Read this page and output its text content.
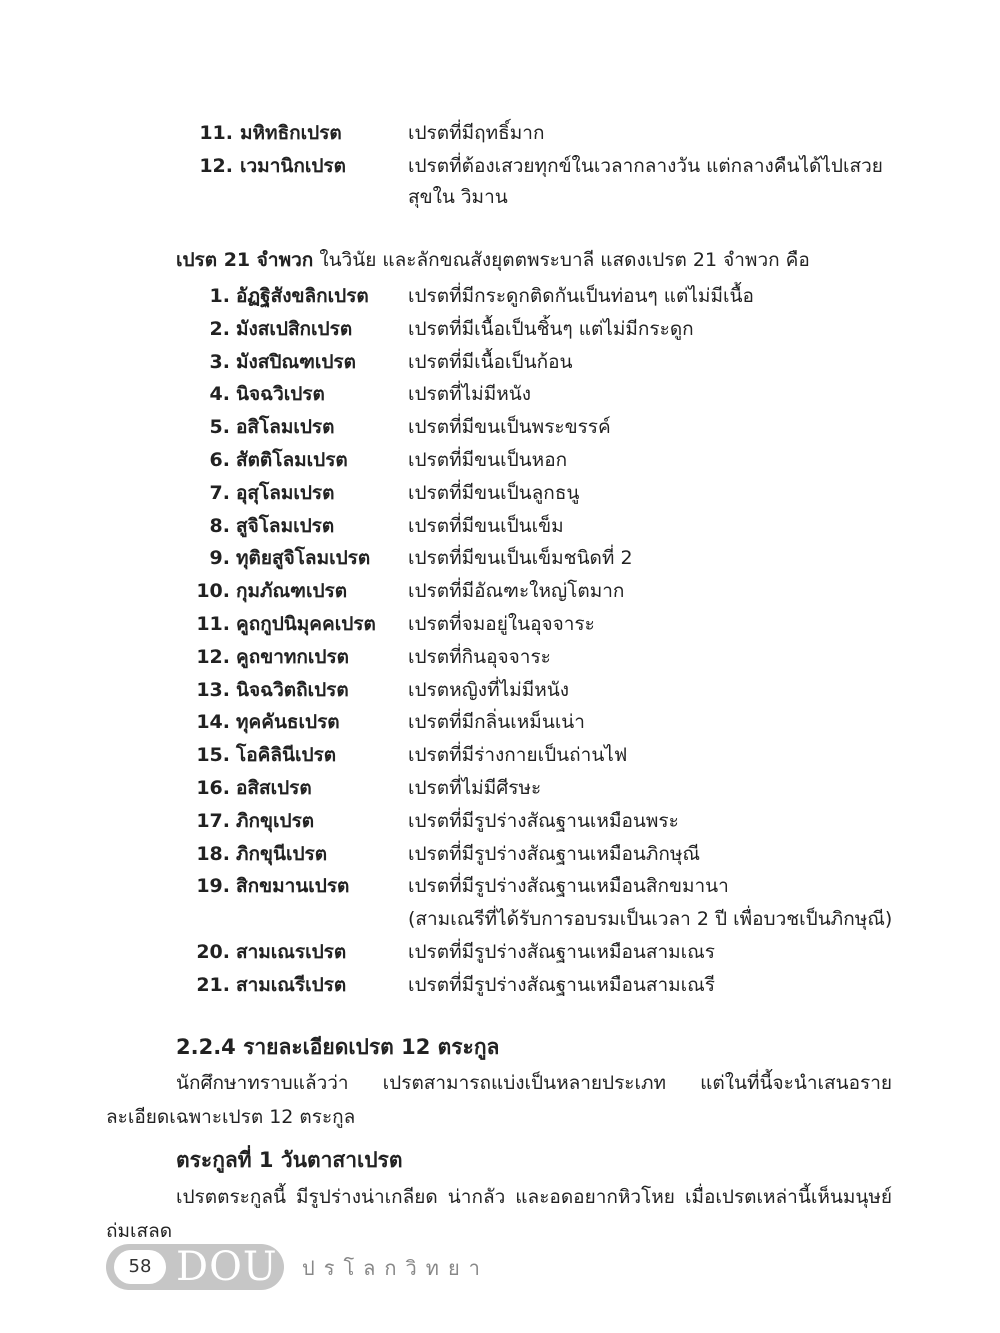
11. มหิทธิกเปรต	เปรตที่มีฤทธิ์มาก
12. เวมานิกเปรต	เปรตที่ต้องเสวยทุกข์ในเวลากลางวัน แต่กลางคืนได้ไปเสวยสุขใน วิมาน
เปรต 21 จำพวก ในวินัย และลักขณสังยุตตพระบาลี แสดงเปรต 21 จำพวก คือ
1. อัฏฐิสังขลิกเปรต เปรตที่มีกระดูกติดกันเป็นท่อนๆ แต่ไม่มีเนื้อ
2. มังสเปสิกเปรต	เปรตที่มีเนื้อเป็นชิ้นๆ แต่ไม่มีกระดูก
3. มังสปิณฑเปรต	เปรตที่มีเนื้อเป็นก้อน
4. นิจฉวิเปรต	เปรตที่ไม่มีหนัง
5. อสิโลมเปรต	เปรตที่มีขนเป็นพระขรรค์
6. สัตติโลมเปรต	เปรตที่มีขนเป็นหอก
7. อุสุโลมเปรต	เปรตที่มีขนเป็นลูกธนู
8. สูจิโลมเปรต	เปรตที่มีขนเป็นเข็ม
9. ทุติยสูจิโลมเปรต เปรตที่มีขนเป็นเข็มชนิดที่ 2
10. กุมภัณฑเปรต	เปรตที่มีอัณฑะใหญ่โตมาก
11. คูถกูปนิมุคคเปรต เปรตที่จมอยู่ในอุจจาระ
12. คูถขาทกเปรต	เปรตที่กินอุจจาระ
13. นิจฉวิตถิเปรต	เปรตหญิงที่ไม่มีหนัง
14. ทุคคันธเปรต	เปรตที่มีกลิ่นเหม็นเน่า
15. โอคิลินีเปรต	เปรตที่มีร่างกายเป็นถ่านไฟ
16. อสิสเปรต	เปรตที่ไม่มีศีรษะ
17. ภิกขุเปรต	เปรตที่มีรูปร่างสัณฐานเหมือนพระ
18. ภิกขุนีเปรต	เปรตที่มีรูปร่างสัณฐานเหมือนภิกษุณี
19. สิกขมานเปรต	เปรตที่มีรูปร่างสัณฐานเหมือนสิกขมานา
(สามเณรีที่ได้รับการอบรมเป็นเวลา 2 ปี เพื่อบวชเป็นภิกษุณี)
20. สามเณรเปรต	เปรตที่มีรูปร่างสัณฐานเหมือนสามเณร
21. สามเณรีเปรต	เปรตที่มีรูปร่างสัณฐานเหมือนสามเณรี
2.2.4 รายละเอียดเปรต 12 ตระกูล
นักศึกษาทราบแล้วว่า เปรตสามารถแบ่งเป็นหลายประเภท แต่ในที่นี้จะนำเสนอรายละเอียดเฉพาะเปรต 12 ตระกูล
ตระกูลที่ 1 วันตาสาเปรต
เปรตตระกูลนี้ มีรูปร่างน่าเกลียด น่ากลัว และอดอยากหิวโหย เมื่อเปรตเหล่านี้เห็นมนุษย์ถ่มเสลด
58 DOU ปรโลกวิทยา
